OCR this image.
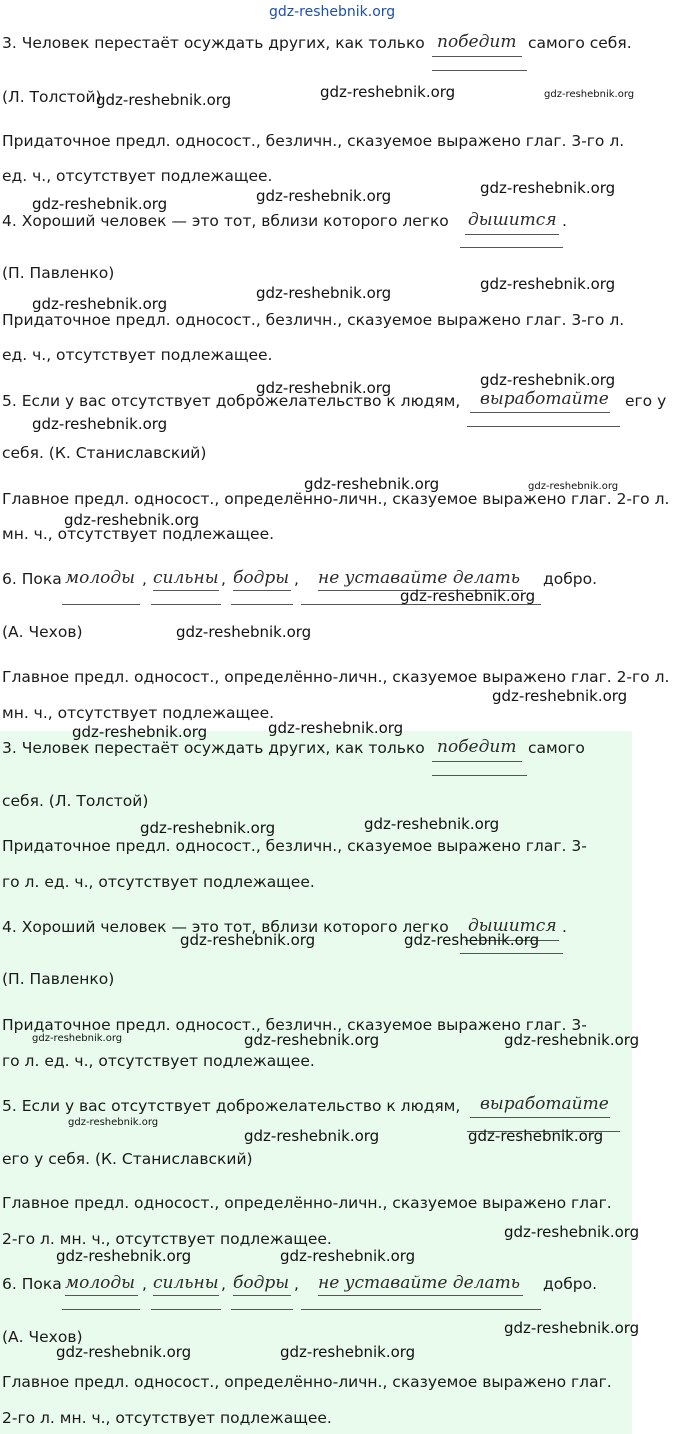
3. Человек перестаёт осуждать других, как только победит самого себя.
(Л. Толстой)
Придаточное предл. односост., безличн., сказуемое выражено глаг. 3-го л.
ед. ч., отсутствует подлежащее.
4. Хороший человек — это тот, вблизи которого легко дышится .
(П. Павленко)
Придаточное предл. односост., безличн., сказуемое выражено глаг. 3-го л.
ед. ч., отсутствует подлежащее.
5. Если у вас отсутствует доброжелательство к людям, выработайте его у
себя. (К. Станиславский)
Главное предл. односост., определённо-личн., сказуемое выражено глаг. 2-го л.
мн. ч., отсутствует подлежащее.
6. Пока молоды , сильны , бодры , не уставайте делать добро.
(А. Чехов)
Главное предл. односост., определённо-личн., сказуемое выражено глаг. 2-го л.
мн. ч., отсутствует подлежащее.
3. Человек перестаёт осуждать других, как только победит самого
себя. (Л. Толстой)
Придаточное предл. односост., безличн., сказуемое выражено глаг. 3-
го л. ед. ч., отсутствует подлежащее.
4. Хороший человек — это тот, вблизи которого легко дышится .
(П. Павленко)
Придаточное предл. односост., безличн., сказуемое выражено глаг. 3-
го л. ед. ч., отсутствует подлежащее.
5. Если у вас отсутствует доброжелательство к людям, выработайте
его у себя. (К. Станиславский)
Главное предл. односост., определённо-личн., сказуемое выражено глаг.
2-го л. мн. ч., отсутствует подлежащее.
6. Пока молоды , сильны , бодры , не уставайте делать добро.
(А. Чехов)
Главное предл. односост., определённо-личн., сказуемое выражено глаг.
2-го л. мн. ч., отсутствует подлежащее.
gdz-reshebnik.org
gdz-reshebnik.org	gdz-reshebnik.org	gdz-reshebnik.org
gdz-reshebnik.org	gdz-reshebnik.org	gdz-reshebnik.org
gdz-reshebnik.org
gdz-reshebnik.org	gdz-reshebnik.org
gdz-reshebnik.org	gdz-reshebnik.org
gdz-reshebnik.org
gdz-reshebnik.org	gdz-reshebnik.org
gdz-reshebnik.org
gdz-reshebnik.org
gdz-reshebnik.org
gdz-reshebnik.org
gdz-reshebnik.org	gdz-reshebnik.org
gdz-reshebnik.org	gdz-reshebnik.org
gdz-reshebnik.org	gdz-reshebnik.org
gdz-reshebnik.org	gdz-reshebnik.org	gdz-reshebnik.org
gdz-reshebnik.org
gdz-reshebnik.org	gdz-reshebnik.org
gdz-reshebnik.org
gdz-reshebnik.org	gdz-reshebnik.org
gdz-reshebnik.org
gdz-reshebnik.org	gdz-reshebnik.org
